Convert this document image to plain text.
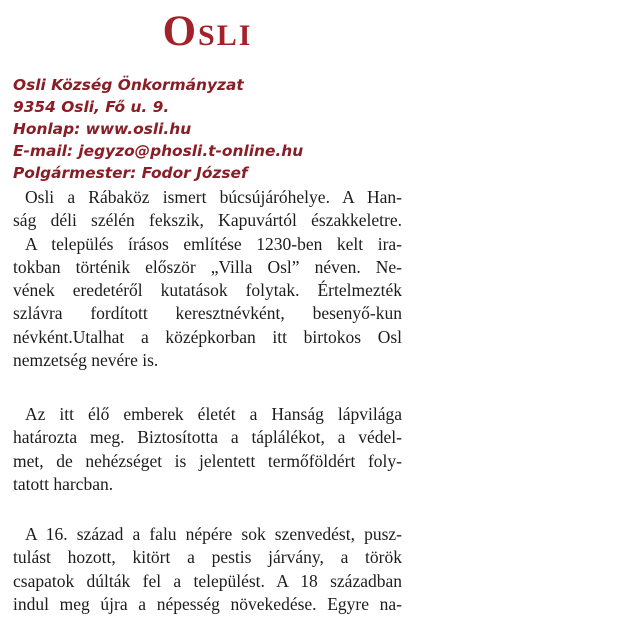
Osli
Osli Község Önkormányzat
9354 Osli, Fő u. 9.
Honlap: www.osli.hu
E-mail: jegyzo@phosli.t-online.hu
Polgármester: Fodor József
Osli a Rábaköz ismert búcsújáróhelye. A Han-
ság déli szélén fekszik, Kapuvártól északkeletre.
A település írásos említése 1230-ben kelt ira-
tokban történik először „Villa Osl” néven. Ne-
vének eredetéről kutatások folytak. Értelmezték
szlávra fordított keresztnévként, besenyő-kun
névként.Utalhat a középkorban itt birtokos Osl
nemzetség nevére is.
Az itt élő emberek életét a Hanság lápvilága
határozta meg. Biztosította a táplálékot, a védel-
met, de nehézséget is jelentett termőföldért foly-
tatott harcban.
A 16. század a falu népére sok szenvedést, pusz-
tulást hozott, kitört a pestis járvány, a török
csapatok dúlták fel a települést. A 18 században
indul meg újra a népesség növekedése. Egyre na-
